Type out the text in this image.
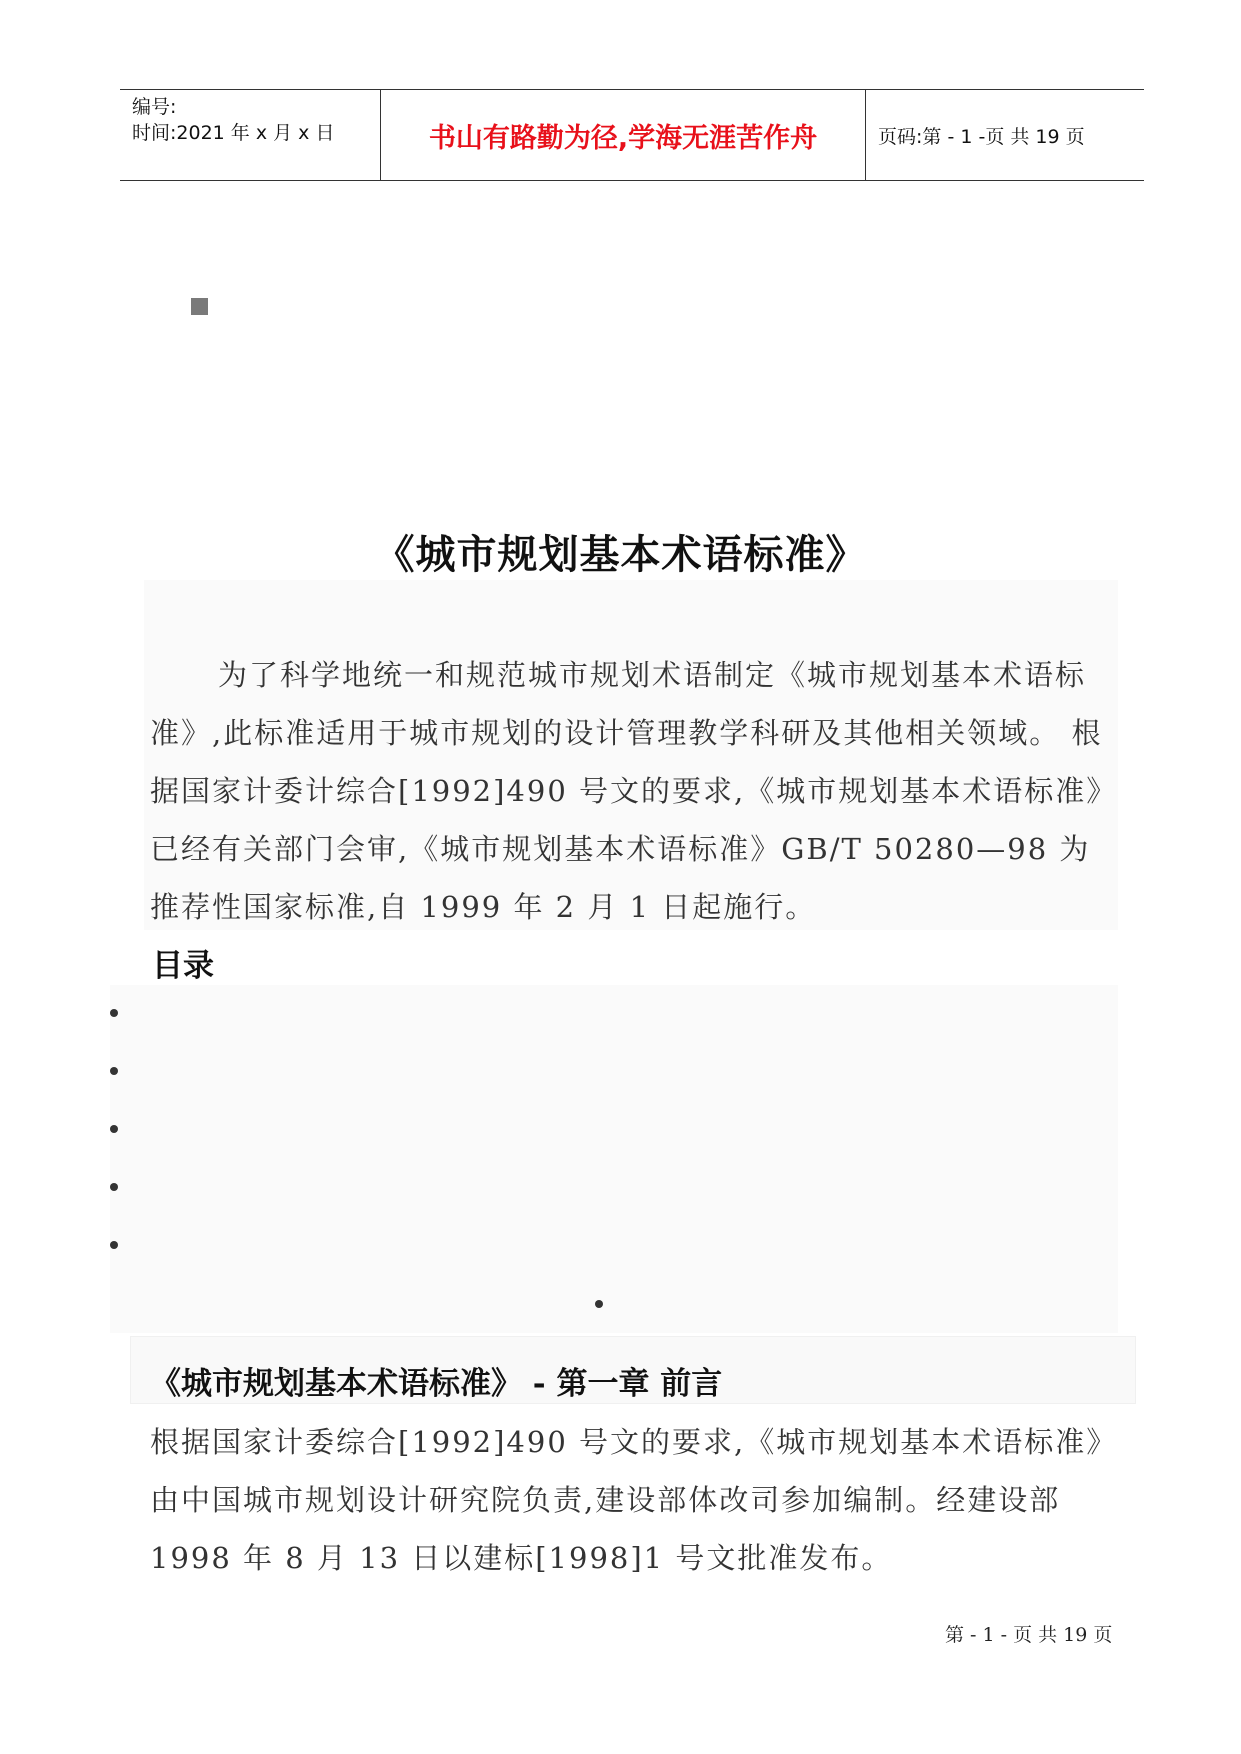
编号:
时间:2021 年 x 月 x 日	书山有路勤为径,学海无涯苦作舟	页码:第 - 1 -页 共 19 页
《城市规划基本术语标准》

为了科学地统一和规范城市规划术语制定《城市规划基本术语标准》,此标准适用于城市规划的设计管理教学科研及其他相关领域。 根据国家计委计综合[1992]490 号文的要求,《城市规划基本术语标准》已经有关部门会审,《城市规划基本术语标准》GB/T 50280—98 为推荐性国家标准,自 1999 年 2 月 1 日起施行。

目录
《城市规划基本术语标准》 - 第一章 前言

根据国家计委综合[1992]490 号文的要求,《城市规划基本术语标准》由中国城市规划设计研究院负责,建设部体改司参加编制。经建设部 1998 年 8 月 13 日以建标[1998]1 号文批准发布。

第 - 1 - 页 共 19 页
